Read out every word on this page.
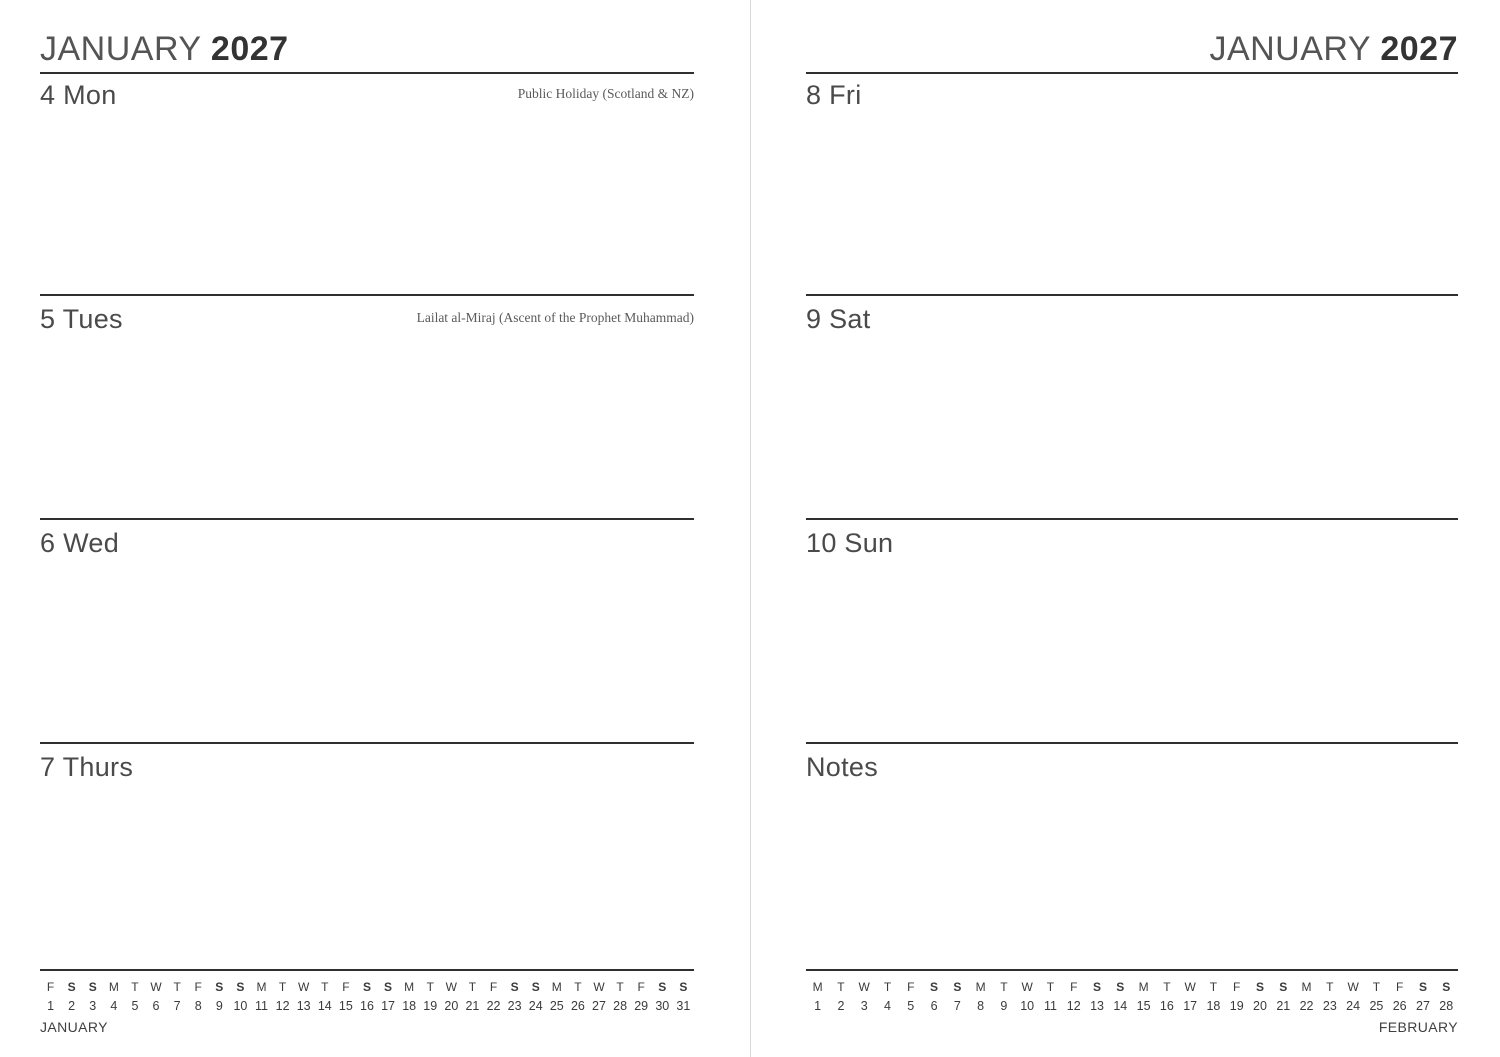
JANUARY 2027
4 Mon	Public Holiday (Scotland & NZ)
5 Tues	Lailat al-Miraj (Ascent of the Prophet Muhammad)
6 Wed
7 Thurs
F	S	S	M	T W T	F	S	S	M	T W T	F	S	S	M	T W T	F	S	S	M	T W T	F	S	S
1	2	3	4	5	6	7	8	9 10 11 12 13 14 15 16 17 18 19 20 21 22 23 24 25 26 27 28 29 30 31
JANUARY
JANUARY 2027
8 Fri
9 Sat
10 Sun
Notes
M	T	W	T	F	S	S	M	T	W	T	F	S	S	M	T	W	T	F	S	S	M	T	W	T	F	S	S
1	2	3	4	5	6	7	8	9	10 11 12 13 14 15 16 17 18 19 20 21 22 23 24 25 26 27 28
FEBRUARY
